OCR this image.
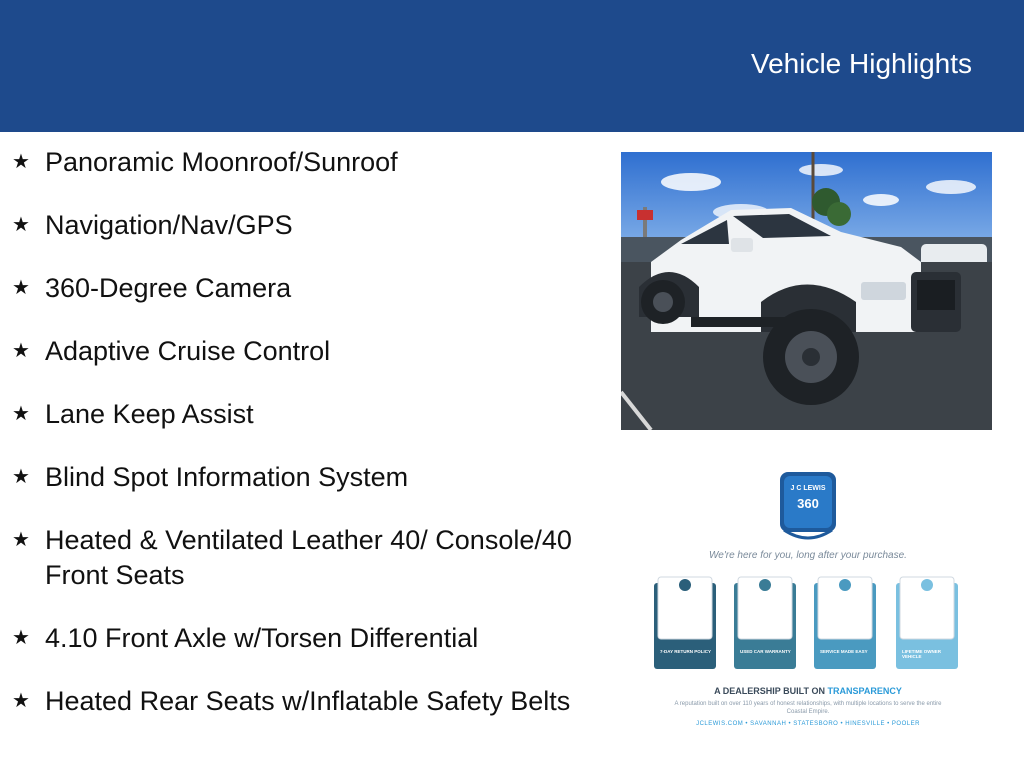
Vehicle Highlights
★ Panoramic Moonroof/Sunroof
★ Navigation/Nav/GPS
★ 360-Degree Camera
★ Adaptive Cruise Control
★ Lane Keep Assist
★ Blind Spot Information System
★ Heated & Ventilated Leather 40/ Console/40 Front Seats
★ 4.10 Front Axle w/Torsen Differential
★ Heated Rear Seats w/Inflatable Safety Belts
J C LEWIS
360
We're here for you, long after your purchase.
7-DAY RETURN POLICY	USED CAR WARRANTY	SERVICE MADE EASY	LIFETIME OWNER VEHICLE
A DEALERSHIP BUILT ON TRANSPARENCY
A reputation built on over 110 years of honest relationships, with multiple locations to serve the entire Coastal Empire.
JCLEWIS.COM • SAVANNAH • STATESBORO • HINESVILLE • POOLER
